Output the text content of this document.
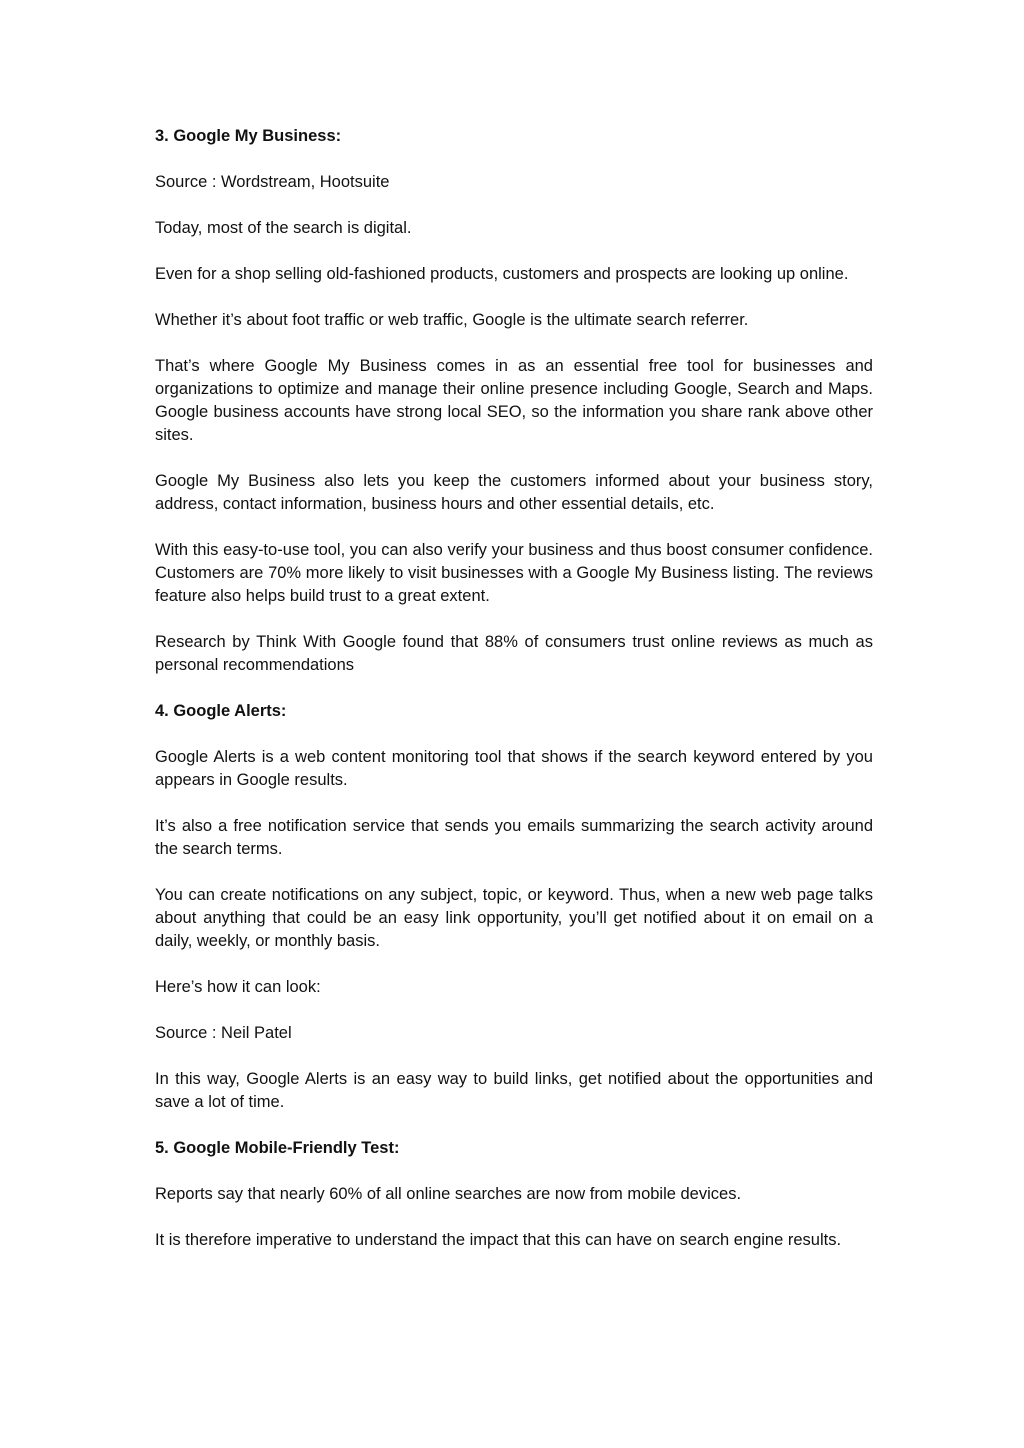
3. Google My Business:

Source : Wordstream, Hootsuite

Today, most of the search is digital.

Even for a shop selling old-fashioned products, customers and prospects are looking up online.

Whether it’s about foot traffic or web traffic, Google is the ultimate search referrer.

That’s where Google My Business comes in as an essential free tool for businesses and organizations to optimize and manage their online presence including Google, Search and Maps. Google business accounts have strong local SEO, so the information you share rank above other sites.

Google My Business also lets you keep the customers informed about your business story, address, contact information, business hours and other essential details, etc.

With this easy-to-use tool, you can also verify your business and thus boost consumer confidence. Customers are 70% more likely to visit businesses with a Google My Business listing. The reviews feature also helps build trust to a great extent.

Research by Think With Google found that 88% of consumers trust online reviews as much as personal recommendations

4. Google Alerts:

Google Alerts is a web content monitoring tool that shows if the search keyword entered by you appears in Google results.

It’s also a free notification service that sends you emails summarizing the search activity around the search terms.

You can create notifications on any subject, topic, or keyword. Thus, when a new web page talks about anything that could be an easy link opportunity, you’ll get notified about it on email on a daily, weekly, or monthly basis.

Here’s how it can look:

Source : Neil Patel

In this way, Google Alerts is an easy way to build links, get notified about the opportunities and save a lot of time.

5. Google Mobile-Friendly Test:

Reports say that nearly 60% of all online searches are now from mobile devices.

It is therefore imperative to understand the impact that this can have on search engine results.
